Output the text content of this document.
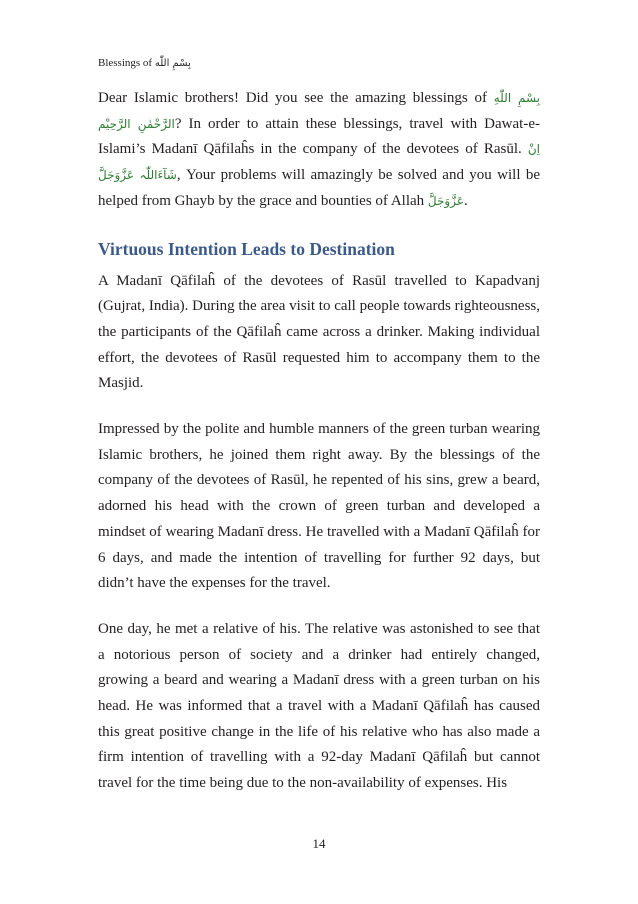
Blessings of بِسْمِ اللّٰه

Dear Islamic brothers! Did you see the amazing blessings of بِسْمِ اللّٰهِ الرَّحْمٰنِ الرَّحِیْم? In order to attain these blessings, travel with Dawat-e-Islami’s Madanī Qāfilaĥs in the company of the devotees of Rasūl. اِنْ شَآءَاللّٰہ عَزَّوَجَلَّ, Your problems will amazingly be solved and you will be helped from Ghayb by the grace and bounties of Allah عَزَّوَجَلَّ.

Virtuous Intention Leads to Destination

A Madanī Qāfilaĥ of the devotees of Rasūl travelled to Kapadvanj (Gujrat, India). During the area visit to call people towards righteousness, the participants of the Qāfilaĥ came across a drinker. Making individual effort, the devotees of Rasūl requested him to accompany them to the Masjid.

Impressed by the polite and humble manners of the green turban wearing Islamic brothers, he joined them right away. By the blessings of the company of the devotees of Rasūl, he repented of his sins, grew a beard, adorned his head with the crown of green turban and developed a mindset of wearing Madanī dress. He travelled with a Madanī Qāfilaĥ for 6 days, and made the intention of travelling for further 92 days, but didn’t have the expenses for the travel.

One day, he met a relative of his. The relative was astonished to see that a notorious person of society and a drinker had entirely changed, growing a beard and wearing a Madanī dress with a green turban on his head. He was informed that a travel with a Madanī Qāfilaĥ has caused this great positive change in the life of his relative who has also made a firm intention of travelling with a 92-day Madanī Qāfilaĥ but cannot travel for the time being due to the non-availability of expenses. His

14
